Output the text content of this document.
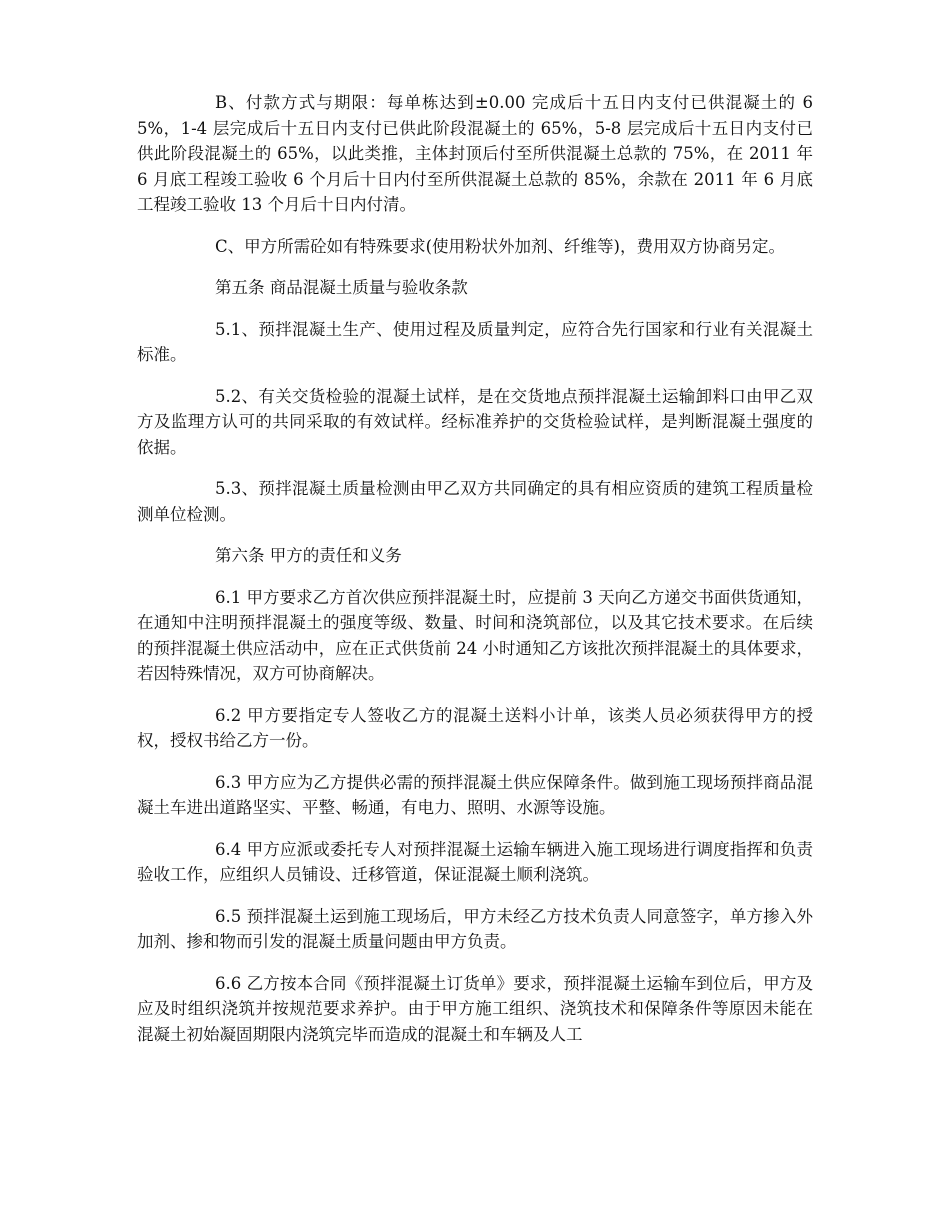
B、付款方式与期限：每单栋达到±0.00 完成后十五日内支付已供混凝土的 65%，1-4 层完成后十五日内支付已供此阶段混凝土的 65%，5-8 层完成后十五日内支付已供此阶段混凝土的 65%，以此类推，主体封顶后付至所供混凝土总款的 75%，在 2011 年 6 月底工程竣工验收 6 个月后十日内付至所供混凝土总款的 85%，余款在 2011 年 6 月底工程竣工验收 13 个月后十日内付清。

C、甲方所需砼如有特殊要求(使用粉状外加剂、纤维等)，费用双方协商另定。

第五条 商品混凝土质量与验收条款

5.1、预拌混凝土生产、使用过程及质量判定，应符合先行国家和行业有关混凝土标准。

5.2、有关交货检验的混凝土试样，是在交货地点预拌混凝土运输卸料口由甲乙双方及监理方认可的共同采取的有效试样。经标准养护的交货检验试样，是判断混凝土强度的依据。

5.3、预拌混凝土质量检测由甲乙双方共同确定的具有相应资质的建筑工程质量检测单位检测。

第六条 甲方的责任和义务

6.1 甲方要求乙方首次供应预拌混凝土时，应提前 3 天向乙方递交书面供货通知，在通知中注明预拌混凝土的强度等级、数量、时间和浇筑部位，以及其它技术要求。在后续的预拌混凝土供应活动中，应在正式供货前 24 小时通知乙方该批次预拌混凝土的具体要求，若因特殊情况，双方可协商解决。

6.2 甲方要指定专人签收乙方的混凝土送料小计单，该类人员必须获得甲方的授权，授权书给乙方一份。

6.3 甲方应为乙方提供必需的预拌混凝土供应保障条件。做到施工现场预拌商品混凝土车进出道路坚实、平整、畅通，有电力、照明、水源等设施。

6.4 甲方应派或委托专人对预拌混凝土运输车辆进入施工现场进行调度指挥和负责验收工作，应组织人员铺设、迁移管道，保证混凝土顺利浇筑。

6.5 预拌混凝土运到施工现场后，甲方未经乙方技术负责人同意签字，单方掺入外加剂、掺和物而引发的混凝土质量问题由甲方负责。

6.6 乙方按本合同《预拌混凝土订货单》要求，预拌混凝土运输车到位后，甲方及应及时组织浇筑并按规范要求养护。由于甲方施工组织、浇筑技术和保障条件等原因未能在混凝土初始凝固期限内浇筑完毕而造成的混凝土和车辆及人工
